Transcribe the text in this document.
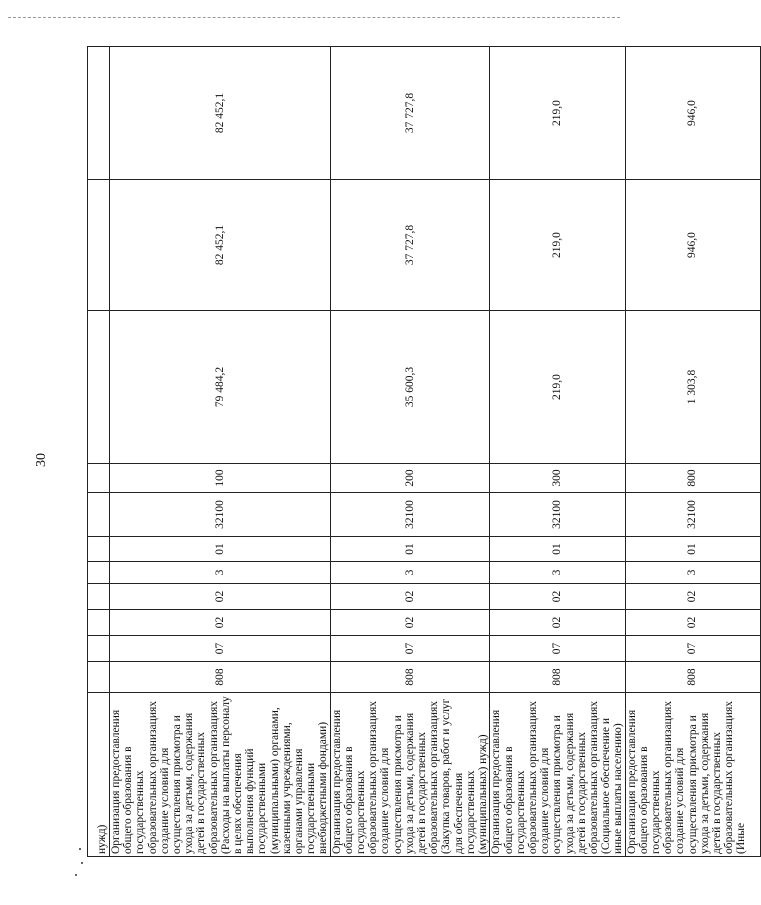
30
нужд)											
Организация предоставления общего образования в государственных образовательных организациях создание условий для осуществления присмотра и ухода за детьми, содержания детей в государственных образовательных организациях (Расходы на выплаты персоналу в целях обеспечения выполнения функций государственными (муниципальными) органами, казенными учреждениями, органами управления государственными внебюджетными фондами)	808	07	02	02	3	01	32100	100	79 484,2	82 452,1	82 452,1
Организация предоставления общего образования в государственных образовательных организациях создание условий для осуществления присмотра и ухода за детьми, содержания детей в государственных образовательных организациях (Закупка товаров, работ и услуг для обеспечения государственных (муниципальных) нужд)	808	07	02	02	3	01	32100	200	35 600,3	37 727,8	37 727,8
Организация предоставления общего образования в государственных образовательных организациях создание условий для осуществления присмотра и ухода за детьми, содержания детей в государственных образовательных организациях (Социальное обеспечение и иные выплаты населению)	808	07	02	02	3	01	32100	300	219,0	219,0	219,0
Организация предоставления общего образования в государственных образовательных организациях создание условий для осуществления присмотра и ухода за детьми, содержания детей в государственных образовательных организациях (Иные	808	07	02	02	3	01	32100	800	1 303,8	946,0	946,0
